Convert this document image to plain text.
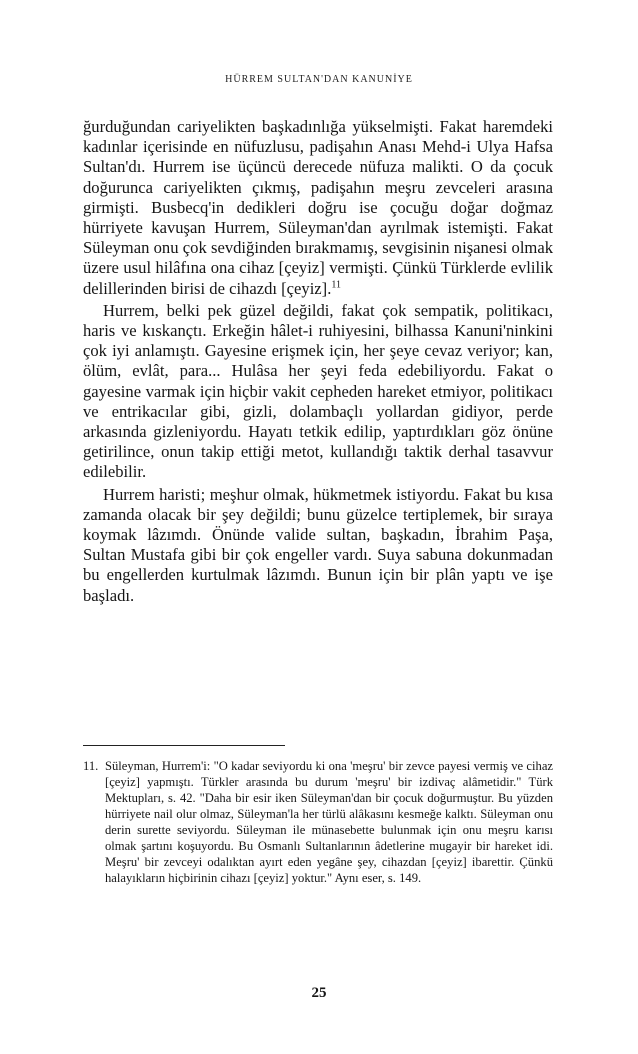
HÜRREM SULTAN'DAN KANUNİYE

ğurduğundan cariyelikten başkadınlığa yükselmişti. Fakat haremdeki kadınlar içerisinde en nüfuzlusu, padişahın Anası Mehd-i Ulya Hafsa Sultan'dı. Hurrem ise üçüncü derecede nüfuza malikti. O da çocuk doğurunca cariyelikten çıkmış, padişahın meşru zevceleri arasına girmişti. Busbecq'in dedikleri doğru ise çocuğu doğar doğmaz hürriyete kavuşan Hurrem, Süleyman'dan ayrılmak istemişti. Fakat Süleyman onu çok sevdiğinden bırakmamış, sevgisinin nişanesi olmak üzere usul hilâfına ona cihaz [çeyiz] vermişti. Çünkü Türklerde evlilik delillerinden birisi de cihazdı [çeyiz].$^{11}$

Hurrem, belki pek güzel değildi, fakat çok sempatik, politikacı, haris ve kıskançtı. Erkeğin hâlet-i ruhiyesini, bilhassa Kanuni'ninkini çok iyi anlamıştı. Gayesine erişmek için, her şeye cevaz veriyor; kan, ölüm, evlât, para... Hulâsa her şeyi feda edebiliyordu. Fakat o gayesine varmak için hiçbir vakit cepheden hareket etmiyor, politikacı ve entrikacılar gibi, gizli, dolambaçlı yollardan gidiyor, perde arkasında gizleniyordu. Hayatı tetkik edilip, yaptırdıkları göz önüne getirilince, onun takip ettiği metot, kullandığı taktik derhal tasavvur edilebilir.

Hurrem haristi; meşhur olmak, hükmetmek istiyordu. Fakat bu kısa zamanda olacak bir şey değildi; bunu güzelce tertiplemek, bir sıraya koymak lâzımdı. Önünde valide sultan, başkadın, İbrahim Paşa, Sultan Mustafa gibi bir çok engeller vardı. Suya sabuna dokunmadan bu engellerden kurtulmak lâzımdı. Bunun için bir plân yaptı ve işe başladı.

11. Süleyman, Hurrem'i: "O kadar seviyordu ki ona 'meşru' bir zevce payesi vermiş ve cihaz [çeyiz] yapmıştı. Türkler arasında bu durum 'meşru' bir izdivaç alâmetidir." Türk Mektupları, s. 42. "Daha bir esir iken Süleyman'dan bir çocuk doğurmuştur. Bu yüzden hürriyete nail olur olmaz, Süleyman'la her türlü alâkasını kesmeğe kalktı. Süleyman onu derin surette seviyordu. Süleyman ile münasebette bulunmak için onu meşru karısı olmak şartını koşuyordu. Bu Osmanlı Sultanlarının âdetlerine mugayir bir hareket idi. Meşru' bir zevceyi odalıktan ayırt eden yegâne şey, cihazdan [çeyiz] ibarettir. Çünkü halayıkların hiçbirinin cihazı [çeyiz] yoktur." Aynı eser, s. 149.
25
